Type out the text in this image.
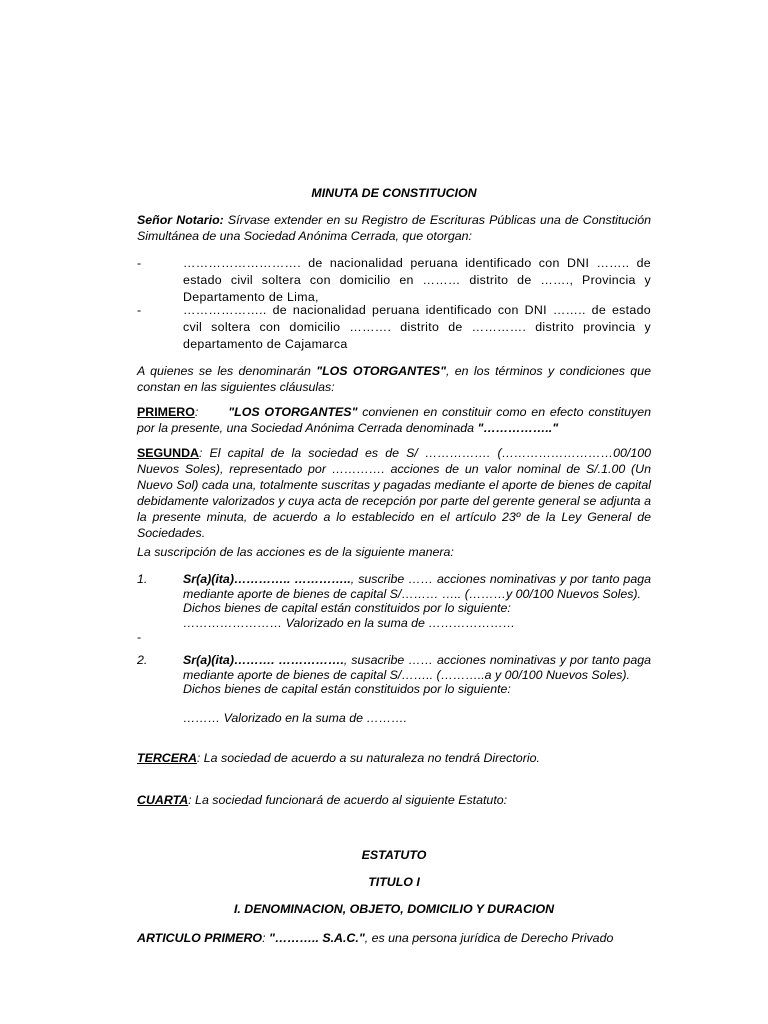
MINUTA DE CONSTITUCION
Señor Notario: Sírvase extender en su Registro de Escrituras Públicas una de Constitución Simultánea de una Sociedad Anónima Cerrada, que otorgan:
-	………………………. de nacionalidad peruana identificado con DNI …….. de
estado civil soltera con domicilio en ……… distrito de ……., Provincia y
Departamento de Lima,
-	……………….. de nacionalidad peruana identificado con DNI …….. de estado
cvil soltera con domicilio ………. distrito de …………. distrito provincia y
departamento de Cajamarca
A quienes se les denominarán "LOS OTORGANTES", en los términos y condiciones que constan en las siguientes cláusulas:
PRIMERO: "LOS OTORGANTES" convienen en constituir como en efecto constituyen por la presente, una Sociedad Anónima Cerrada denominada "…………….."
SEGUNDA: El capital de la sociedad es de S/ ……………. (………………………00/100 Nuevos Soles), representado por …………. acciones de un valor nominal de S/.1.00 (Un Nuevo Sol) cada una, totalmente suscritas y pagadas mediante el aporte de bienes de capital debidamente valorizados y cuya acta de recepción por parte del gerente general se adjunta a la presente minuta, de acuerdo a lo establecido en el artículo 23º de la Ley General de Sociedades.
La suscripción de las acciones es de la siguiente manera:
1.	Sr(a)(ita)………….. ………….., suscribe …… acciones nominativas y por tanto paga mediante aporte de bienes de capital S/……… ….. (………y 00/100 Nuevos Soles).
Dichos bienes de capital están constituidos por lo siguiente:
…………………… Valorizado en la suma de …………………
-
2.	Sr(a)(ita)………. ……………., susacribe …… acciones nominativas y por tanto paga mediante aporte de bienes de capital S/…….. (………..a y 00/100 Nuevos Soles).
Dichos bienes de capital están constituidos por lo siguiente:
……… Valorizado en la suma de ……….
TERCERA: La sociedad de acuerdo a su naturaleza no tendrá Directorio.
CUARTA: La sociedad funcionará de acuerdo al siguiente Estatuto:
ESTATUTO
TITULO I
I. DENOMINACION, OBJETO, DOMICILIO Y DURACION
ARTICULO PRIMERO: "……….. S.A.C.", es una persona jurídica de Derecho Privado
